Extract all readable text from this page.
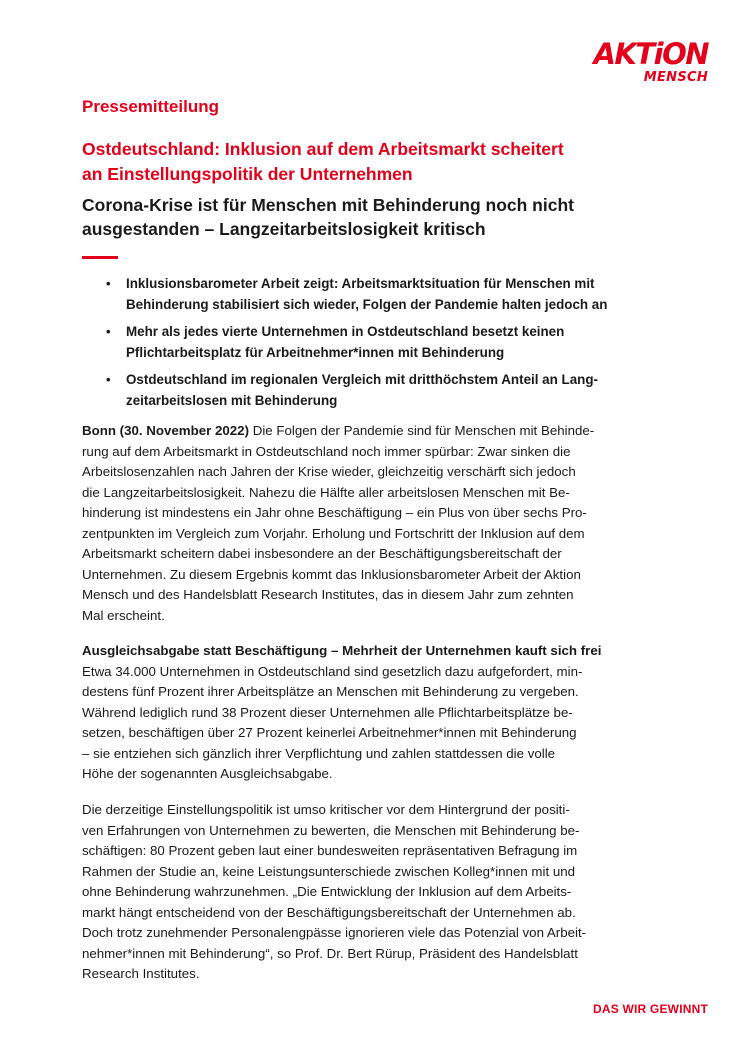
AKTiON
MENSCH
Pressemitteilung
Ostdeutschland: Inklusion auf dem Arbeitsmarkt scheitert
an Einstellungspolitik der Unternehmen
Corona-Krise ist für Menschen mit Behinderung noch nicht
ausgestanden – Langzeitarbeitslosigkeit kritisch
• Inklusionsbarometer Arbeit zeigt: Arbeitsmarktsituation für Menschen mit
Behinderung stabilisiert sich wieder, Folgen der Pandemie halten jedoch an
• Mehr als jedes vierte Unternehmen in Ostdeutschland besetzt keinen
Pflichtarbeitsplatz für Arbeitnehmer*innen mit Behinderung
• Ostdeutschland im regionalen Vergleich mit dritthöchstem Anteil an Lang-
zeitarbeitslosen mit Behinderung
Bonn (30. November 2022) Die Folgen der Pandemie sind für Menschen mit Behinde-
rung auf dem Arbeitsmarkt in Ostdeutschland noch immer spürbar: Zwar sinken die
Arbeitslosenzahlen nach Jahren der Krise wieder, gleichzeitig verschärft sich jedoch
die Langzeitarbeitslosigkeit. Nahezu die Hälfte aller arbeitslosen Menschen mit Be-
hinderung ist mindestens ein Jahr ohne Beschäftigung – ein Plus von über sechs Pro-
zentpunkten im Vergleich zum Vorjahr. Erholung und Fortschritt der Inklusion auf dem
Arbeitsmarkt scheitern dabei insbesondere an der Beschäftigungsbereitschaft der
Unternehmen. Zu diesem Ergebnis kommt das Inklusionsbarometer Arbeit der Aktion
Mensch und des Handelsblatt Research Institutes, das in diesem Jahr zum zehnten
Mal erscheint.
Ausgleichsabgabe statt Beschäftigung – Mehrheit der Unternehmen kauft sich frei
Etwa 34.000 Unternehmen in Ostdeutschland sind gesetzlich dazu aufgefordert, min-
destens fünf Prozent ihrer Arbeitsplätze an Menschen mit Behinderung zu vergeben.
Während lediglich rund 38 Prozent dieser Unternehmen alle Pflichtarbeitsplätze be-
setzen, beschäftigen über 27 Prozent keinerlei Arbeitnehmer*innen mit Behinderung
– sie entziehen sich gänzlich ihrer Verpflichtung und zahlen stattdessen die volle
Höhe der sogenannten Ausgleichsabgabe.
Die derzeitige Einstellungspolitik ist umso kritischer vor dem Hintergrund der positi-
ven Erfahrungen von Unternehmen zu bewerten, die Menschen mit Behinderung be-
schäftigen: 80 Prozent geben laut einer bundesweiten repräsentativen Befragung im
Rahmen der Studie an, keine Leistungsunterschiede zwischen Kolleg*innen mit und
ohne Behinderung wahrzunehmen. „Die Entwicklung der Inklusion auf dem Arbeits-
markt hängt entscheidend von der Beschäftigungsbereitschaft der Unternehmen ab.
Doch trotz zunehmender Personalengpässe ignorieren viele das Potenzial von Arbeit-
nehmer*innen mit Behinderung“, so Prof. Dr. Bert Rürup, Präsident des Handelsblatt
Research Institutes.
DAS WIR GEWINNT
